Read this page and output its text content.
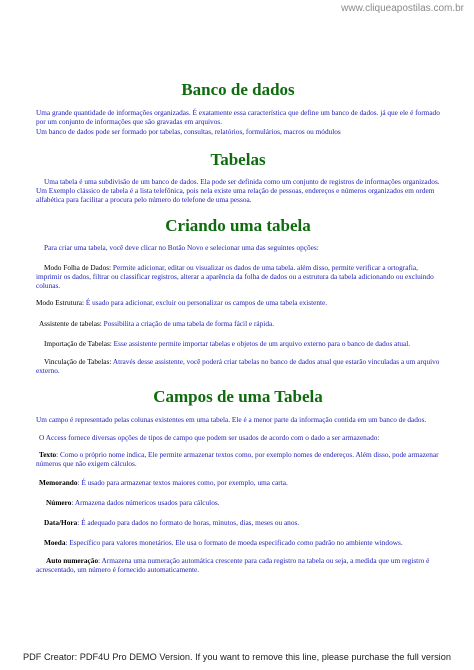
www.cliqueapostilas.com.br
Banco de dados
Uma grande quantidade de informações organizadas. É exatamente essa característica que define um banco de dados. já que ele é formado por um conjunto de informações que são gravadas em arquivos.
Um banco de dados pode ser formado por tabelas, consultas, relatórios, formulários, macros ou módulos
Tabelas
Uma tabela é uma subdivisão de um banco de dados. Ela pode ser definida como um conjunto de registros de informações organizados. Um Exemplo clássico de tabela é a lista telefônica, pois nela existe uma relação de pessoas, endereços e números organizados em ordem alfabética para facilitar a procura pelo número do telefone de uma pessoa.
Criando uma tabela
Para criar uma tabela, você deve clicar no Botão Novo e selecionar uma das seguintes opções:
Modo Folha de Dados: Permite adicionar, editar ou visualizar os dados de uma tabela. além disso, permite verificar a ortografia, imprimir os dados, filtrar ou classificar registros, alterar a aparência da folha de dados ou a estrutura da tabela adicionando ou excluindo colunas.
Modo Estrutura: É usado para adicionar, excluir ou personalizar os campos de uma tabela existente.
Assistente de tabelas: Possibilita a criação de uma tabela de forma fácil e rápida.
Importação de Tabelas: Esse assistente permite importar tabelas e objetos de um arquivo externo para o banco de dados atual.
Vinculação de Tabelas: Através desse assistente, você poderá criar tabelas no banco de dados atual que estarão vinculadas a um arquivo externo.
Campos de uma Tabela
Um campo é representado pelas colunas existentes em uma tabela. Ele é a menor parte da informação contida em um banco de dados.
O Access fornece diversas opções de tipos de campo que podem ser usados de acordo com o dado a ser armazenado:
Texto: Como o próprio nome indica, Ele permite armazenar textos como, por exemplo nomes de endereços. Além disso, pode armazenar números que não exigem cálculos.
Memorando: É usado para armazenar textos maiores como, por exemplo, uma carta.
Número: Armazena dados númericos usados para cálculos.
Data/Hora: É adequado para dados no formato de horas, minutos, dias, meses ou anos.
Moeda: Específico para valores monetários. Ele usa o formato de moeda especificado como padrão no ambiente windows.
Auto numeração: Armazena uma numeração automática crescente para cada registro na tabela ou seja, a medida que um registro é acrescentado, um número é fornecido automaticamente.
PDF Creator: PDF4U Pro DEMO Version. If you want to remove this line, please purchase the full version
